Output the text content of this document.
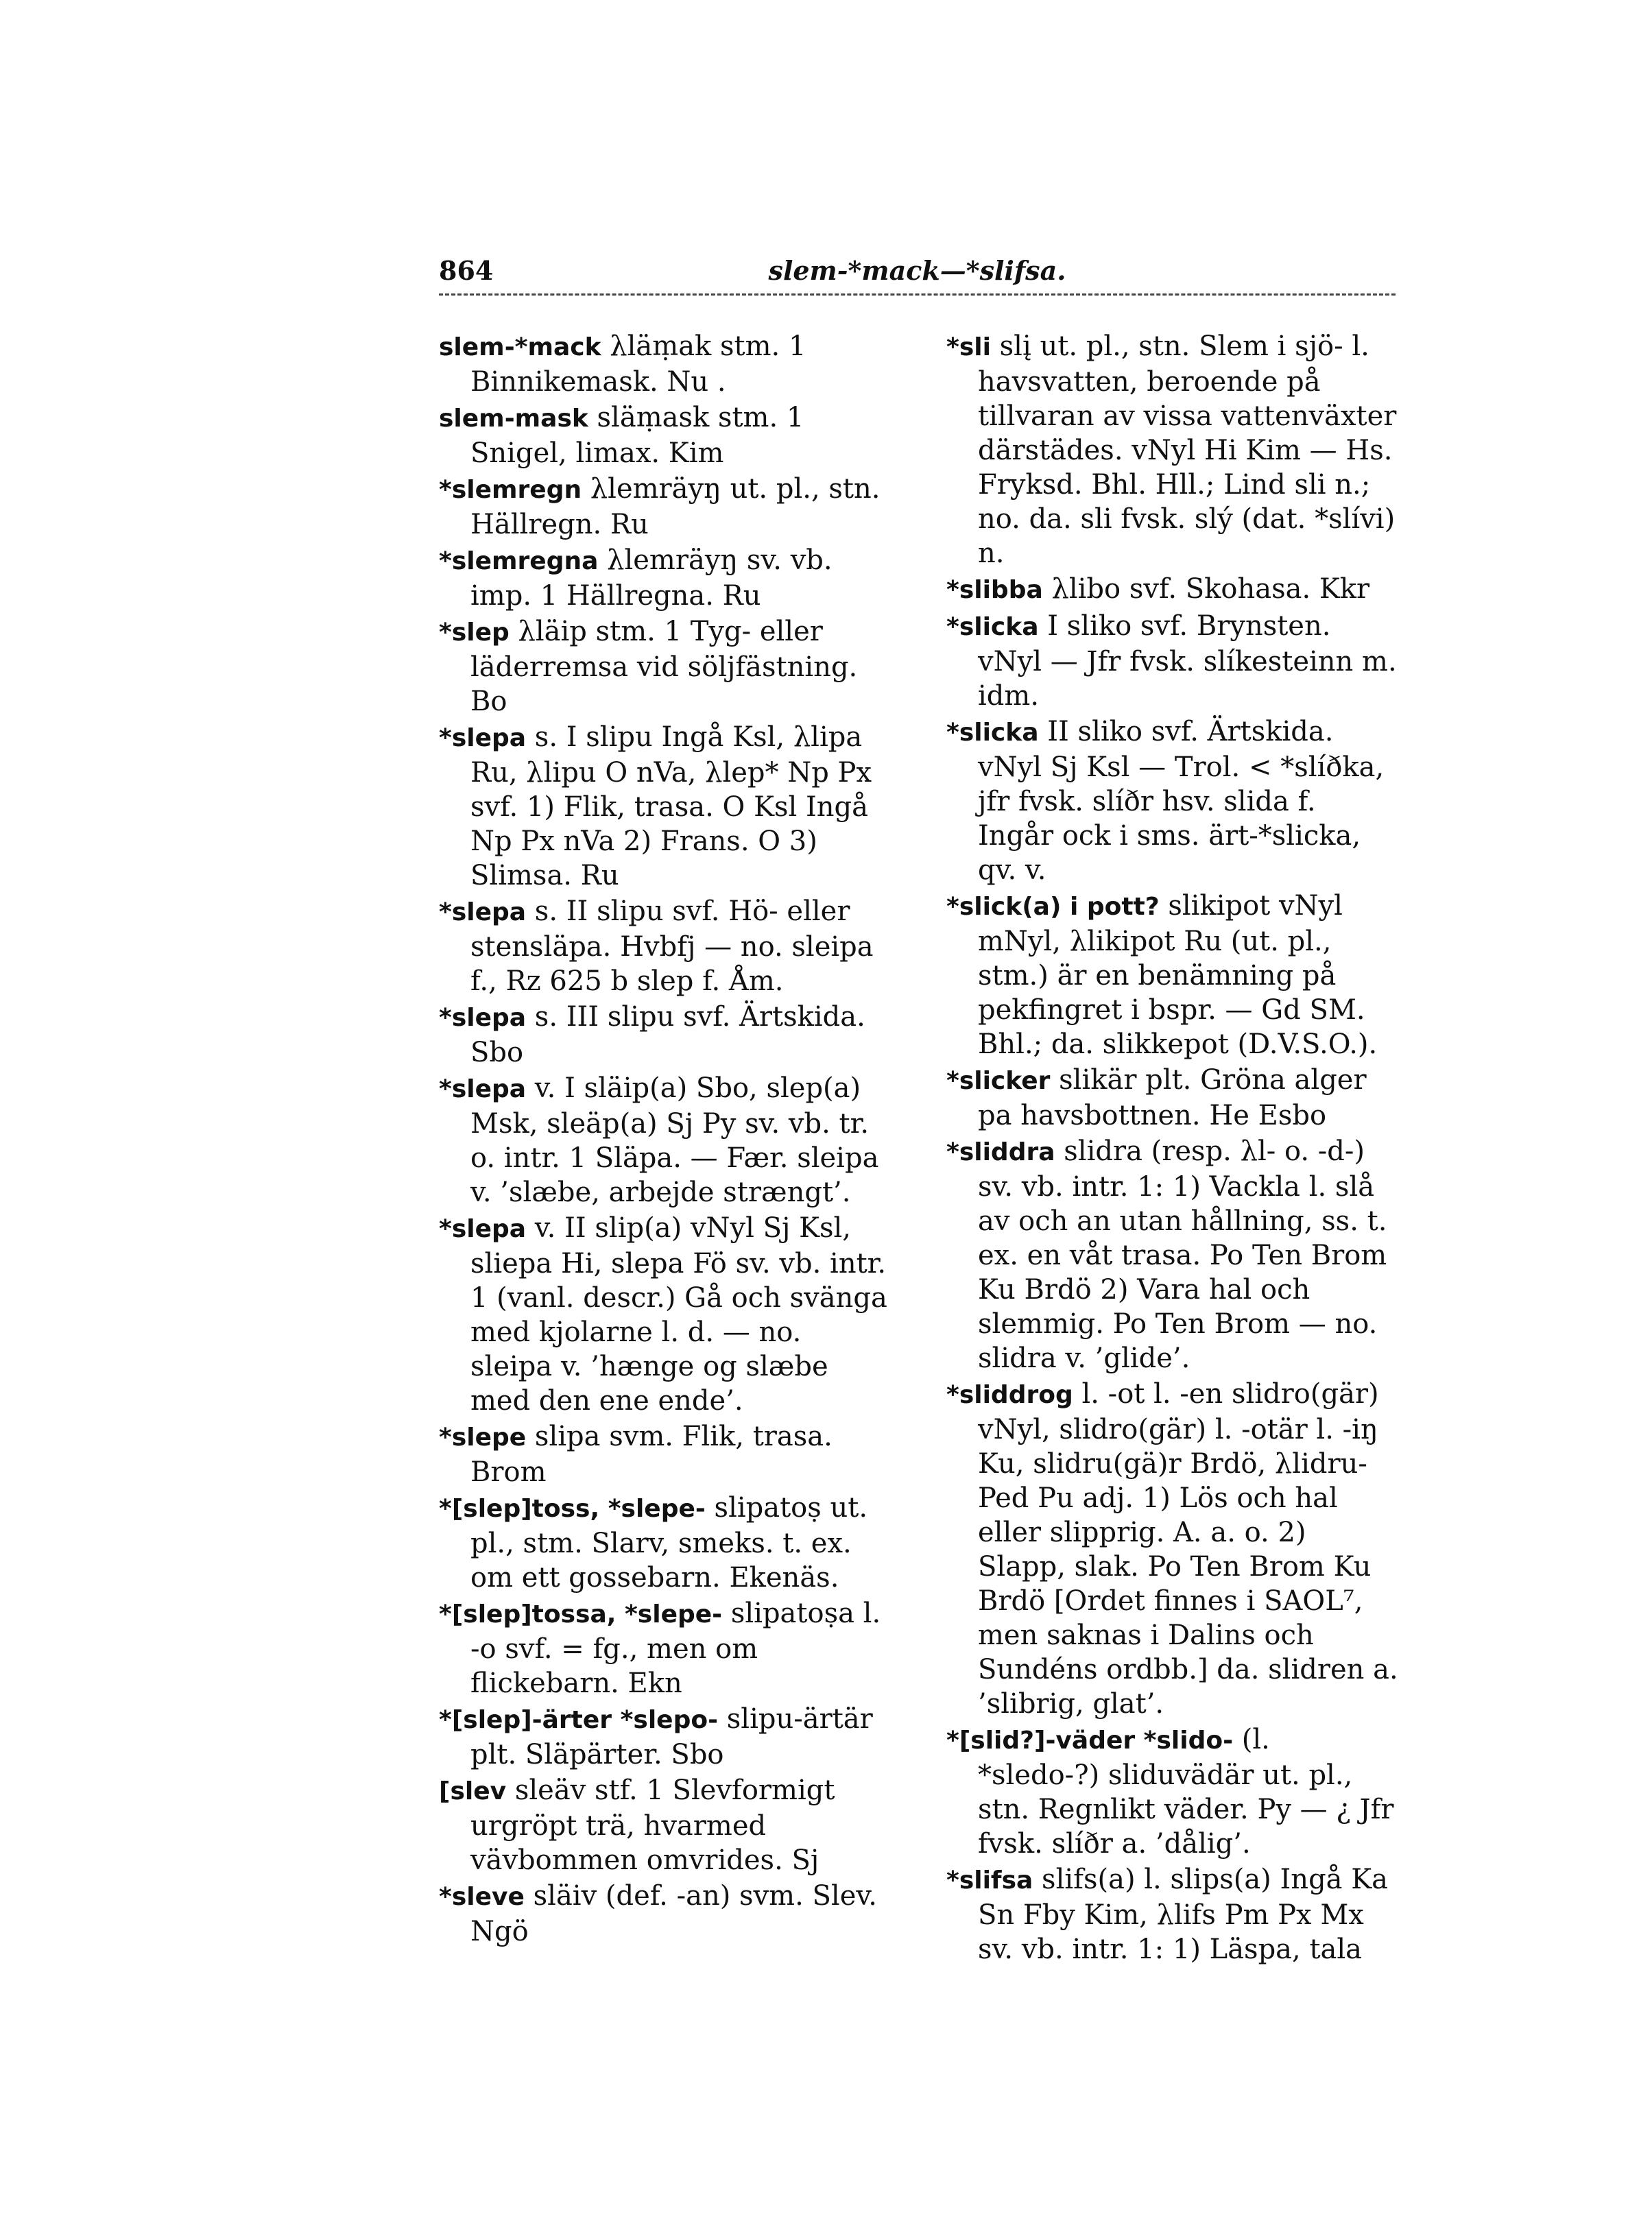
864	slem-*mack—*slifsa.
slem-*mack λläṃak stm. 1 Binnikemask. Nu .
slem-mask släṃask stm. 1 Snigel, limax. Kim
*slemregn λlemräyŋ ut. pl., stn. Hällregn. Ru
*slemregna λlemräyŋ sv. vb. imp. 1 Hällregna. Ru
*slep λläip stm. 1 Tyg- eller läderremsa vid söljfästning. Bo
*slepa s. I slipu Ingå Ksl, λlipa Ru, λlipu O nVa, λlep* Np Px svf. 1) Flik, trasa. O Ksl Ingå Np Px nVa 2) Frans. O 3) Slimsa. Ru
*slepa s. II slipu svf. Hö- eller stensläpa. Hvbfj — no. sleipa f., Rz 625 b slep f. Åm.
*slepa s. III slipu svf. Ärtskida. Sbo
*slepa v. I släip(a) Sbo, slep(a) Msk, sleäp(a) Sj Py sv. vb. tr. o. intr. 1 Släpa. — Fær. sleipa v. ’slæbe, arbejde strængt’.
*slepa v. II slip(a) vNyl Sj Ksl, sliepa Hi, slepa Fö sv. vb. intr. 1 (vanl. descr.) Gå och svänga med kjolarne l. d. — no. sleipa v. ’hænge og slæbe med den ene ende’.
*slepe slipa svm. Flik, trasa. Brom
*[slep]toss, *slepe- slipatoṣ ut. pl., stm. Slarv, smeks. t. ex. om ett gossebarn. Ekenäs.
*[slep]tossa, *slepe- slipatoṣa l. -o svf. = fg., men om flickebarn. Ekn
*[slep]-ärter *slepo- slipu-ärtär plt. Släpärter. Sbo
[slev sleäv stf. 1 Slevformigt urgröpt trä, hvarmed vävbommen omvrides. Sj
*sleve släiv (def. -an) svm. Slev. Ngö
*sli slį ut. pl., stn. Slem i sjö- l. havsvatten, beroende på tillvaran av vissa vattenväxter därstädes. vNyl Hi Kim — Hs. Fryksd. Bhl. Hll.; Lind sli n.; no. da. sli fvsk. slý (dat. *slívi) n.
*slibba λlibo svf. Skohasa. Kkr
*slicka I sliko svf. Brynsten. vNyl — Jfr fvsk. slíkesteinn m. idm.
*slicka II sliko svf. Ärtskida. vNyl Sj Ksl — Trol. < *slíðka, jfr fvsk. slíðr hsv. slida f. Ingår ock i sms. ärt-*slicka, qv. v.
*slick(a) i pott? slikipot vNyl mNyl, λlikipot Ru (ut. pl., stm.) är en benämning på pekfingret i bspr. — Gd SM. Bhl.; da. slikkepot (D.V.S.O.).
*slicker slikär plt. Gröna alger pa havsbottnen. He Esbo
*sliddra slidra (resp. λl- o. -d-) sv. vb. intr. 1: 1) Vackla l. slå av och an utan hållning, ss. t. ex. en våt trasa. Po Ten Brom Ku Brdö 2) Vara hal och slemmig. Po Ten Brom — no. slidra v. ’glide’.
*sliddrog l. -ot l. -en slidro(gär) vNyl, slidro(gär) l. -otär l. -iŋ Ku, slidru(gä)r Brdö, λlidru- Ped Pu adj. 1) Lös och hal eller slipprig. A. a. o. 2) Slapp, slak. Po Ten Brom Ku Brdö [Ordet finnes i SAOL⁷, men saknas i Dalins och Sundéns ordbb.] da. slidren a. ’slibrig, glat’.
*[slid?]-väder *slido- (l. *sledo-?) sliduvädär ut. pl., stn. Regnlikt väder. Py — ¿ Jfr fvsk. slíðr a. ’dålig’.
*slifsa slifs(a) l. slips(a) Ingå Ka Sn Fby Kim, λlifs Pm Px Mx sv. vb. intr. 1: 1) Läspa, tala
